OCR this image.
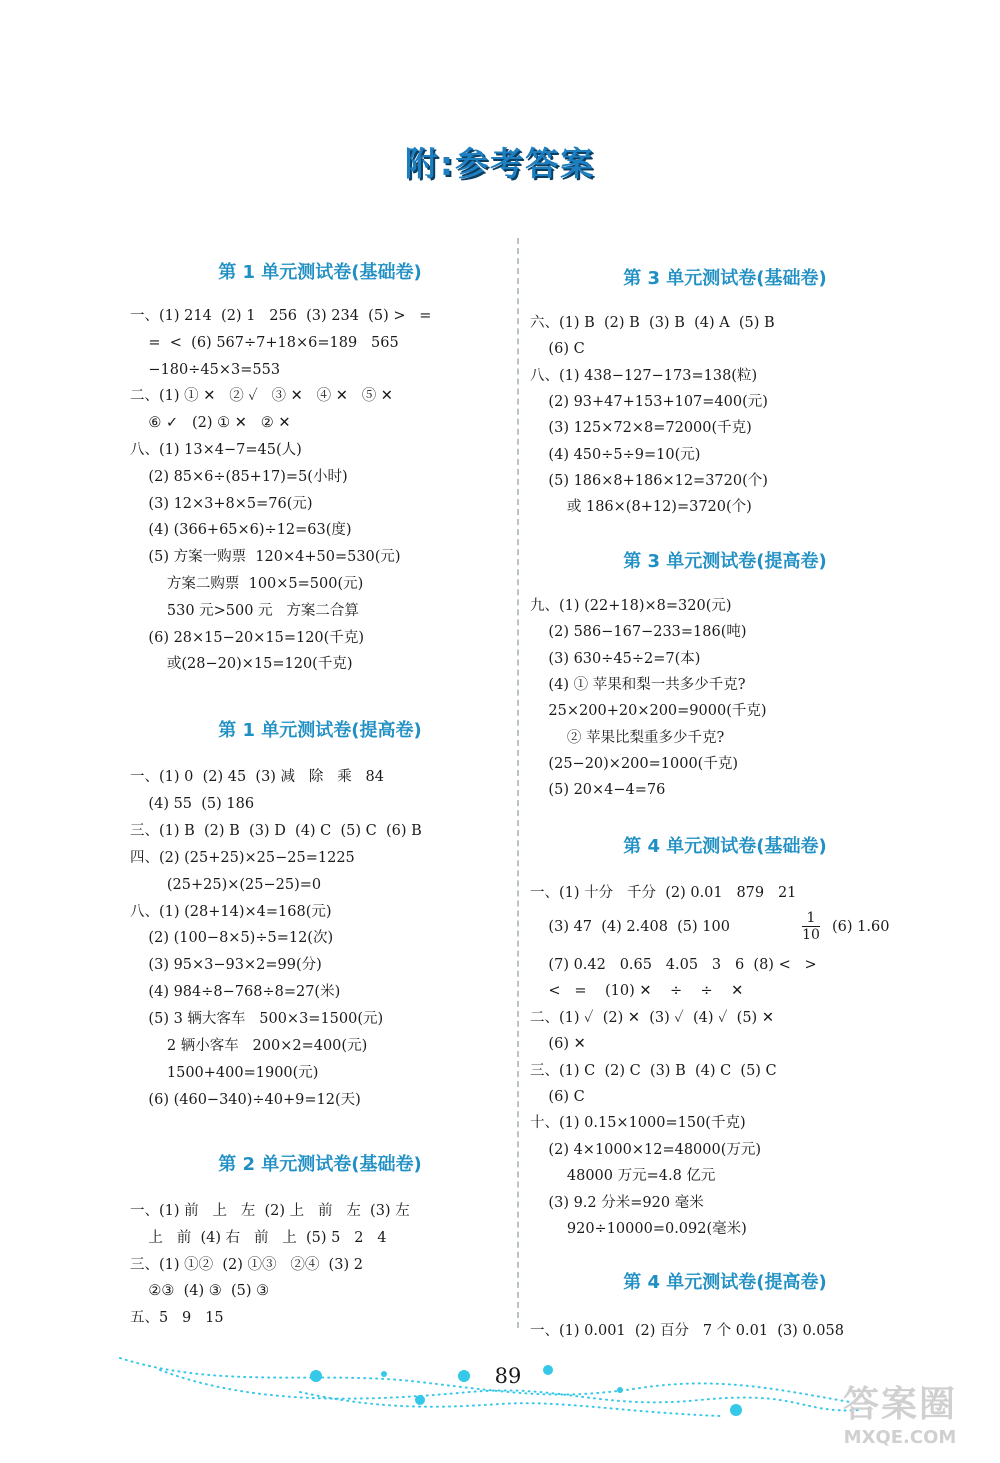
附:参考答案
第 1 单元测试卷(基础卷)
一、(1) 214  (2) 1   256  (3) 234  (5) >   =
=  <  (6) 567÷7+18×6=189   565
−180÷45×3=553
二、(1) ① ✕   ② ✓   ③ ✕   ④ ✕   ⑤ ✕
⑥ ✓   (2) ① ✕   ② ✕
八、(1) 13×4−7=45(人)
(2) 85×6÷(85+17)=5(小时)
(3) 12×3+8×5=76(元)
(4) (366+65×6)÷12=63(度)
(5) 方案一购票  120×4+50=530(元)
方案二购票  100×5=500(元)
530 元>500 元   方案二合算
(6) 28×15−20×15=120(千克)
或(28−20)×15=120(千克)
第 1 单元测试卷(提高卷)
一、(1) 0  (2) 45  (3) 减   除   乘   84
(4) 55  (5) 186
三、(1) B  (2) B  (3) D  (4) C  (5) C  (6) B
四、(2) (25+25)×25−25=1225
(25+25)×(25−25)=0
八、(1) (28+14)×4=168(元)
(2) (100−8×5)÷5=12(次)
(3) 95×3−93×2=99(分)
(4) 984÷8−768÷8=27(米)
(5) 3 辆大客车   500×3=1500(元)
2 辆小客车   200×2=400(元)
1500+400=1900(元)
(6) (460−340)÷40+9=12(天)
第 2 单元测试卷(基础卷)
一、(1) 前   上   左  (2) 上   前   左  (3) 左
上   前  (4) 右   前   上  (5) 5   2   4
三、(1) ①②  (2) ①③   ②④  (3) 2
②③  (4) ③  (5) ③
五、5   9   15
第 3 单元测试卷(基础卷)
六、(1) B  (2) B  (3) B  (4) A  (5) B
(6) C
八、(1) 438−127−173=138(粒)
(2) 93+47+153+107=400(元)
(3) 125×72×8=72000(千克)
(4) 450÷5÷9=10(元)
(5) 186×8+186×12=3720(个)
或 186×(8+12)=3720(个)
第 3 单元测试卷(提高卷)
九、(1) (22+18)×8=320(元)
(2) 586−167−233=186(吨)
(3) 630÷45÷2=7(本)
(4) ① 苹果和梨一共多少千克?
25×200+20×200=9000(千克)
② 苹果比梨重多少千克?
(25−20)×200=1000(千克)
(5) 20×4−4=76
第 4 单元测试卷(基础卷)
一、(1) 十分   千分  (2) 0.01   879   21
(3) 47  (4) 2.408  (5) 100	$\frac{1}{10} (6)$ 1.60
(7) 0.42   0.65   4.05   3   6  (8) <   >
<   =    (10) ✕    ÷    ÷    ✕
二、(1) ✓  (2) ✕  (3) ✓  (4) ✓  (5) ✕
(6) ✕
三、(1) C  (2) C  (3) B  (4) C  (5) C
(6) C
十、(1) 0.15×1000=150(千克)
(2) 4×1000×12=48000(万元)
48000 万元=4.8 亿元
(3) 9.2 分米=920 毫米
920÷10000=0.092(毫米)
第 4 单元测试卷(提高卷)
一、(1) 0.001  (2) 百分   7 个 0.01  (3) 0.058
89
答案圈
MXQE.COM
